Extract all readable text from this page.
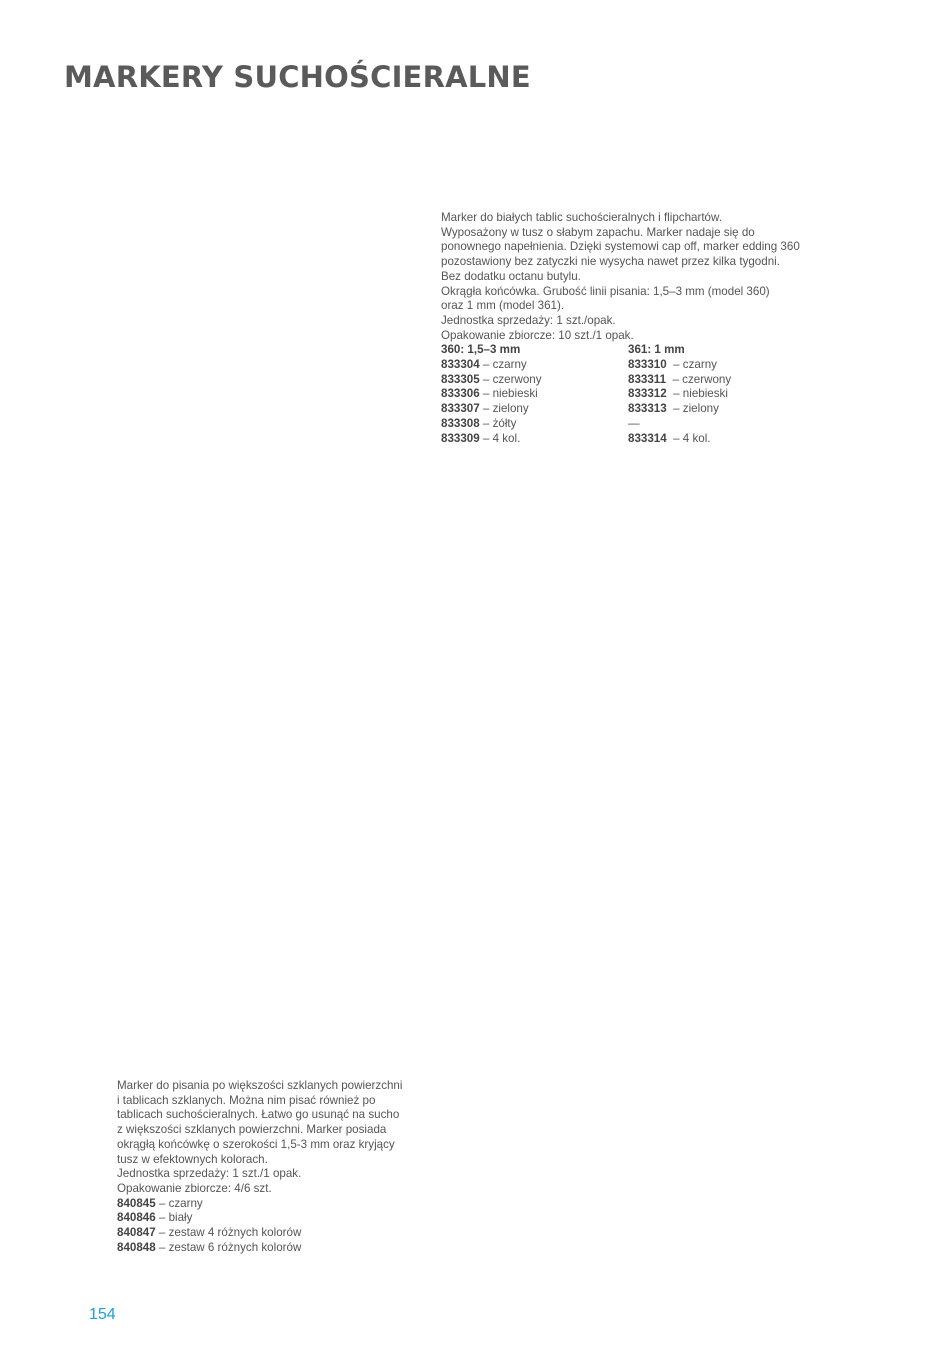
MARKERY SUCHOŚCIERALNE
Marker do białych tablic suchościeralnych i flipchartów.
Wyposażony w tusz o słabym zapachu. Marker nadaje się do
ponownego napełnienia. Dzięki systemowi cap off, marker edding 360
pozostawiony bez zatyczki nie wysycha nawet przez kilka tygodni.
Bez dodatku octanu butylu.
Okrągła końcówka. Grubość linii pisania: 1,5–3 mm (model 360)
oraz 1 mm (model 361).
Jednostka sprzedaży: 1 szt./opak.
Opakowanie zbiorcze: 10 szt./1 opak.
360: 1,5–3 mm
833304 – czarny
833305 – czerwony
833306 – niebieski
833307 – zielony
833308 – żółty
833309 – 4 kol.
361: 1 mm
833310  – czarny
833311  – czerwony
833312  – niebieski
833313  – zielony
—
833314  – 4 kol.
Marker do pisania po większości szklanych powierzchni
i tablicach szklanych. Można nim pisać również po
tablicach suchościeralnych. Łatwo go usunąć na sucho
z większości szklanych powierzchni. Marker posiada
okrągłą końcówkę o szerokości 1,5-3 mm oraz kryjący
tusz w efektownych kolorach.
Jednostka sprzedaży: 1 szt./1 opak.
Opakowanie zbiorcze: 4/6 szt.
840845 – czarny
840846 – biały
840847 – zestaw 4 różnych kolorów
840848 – zestaw 6 różnych kolorów
154
